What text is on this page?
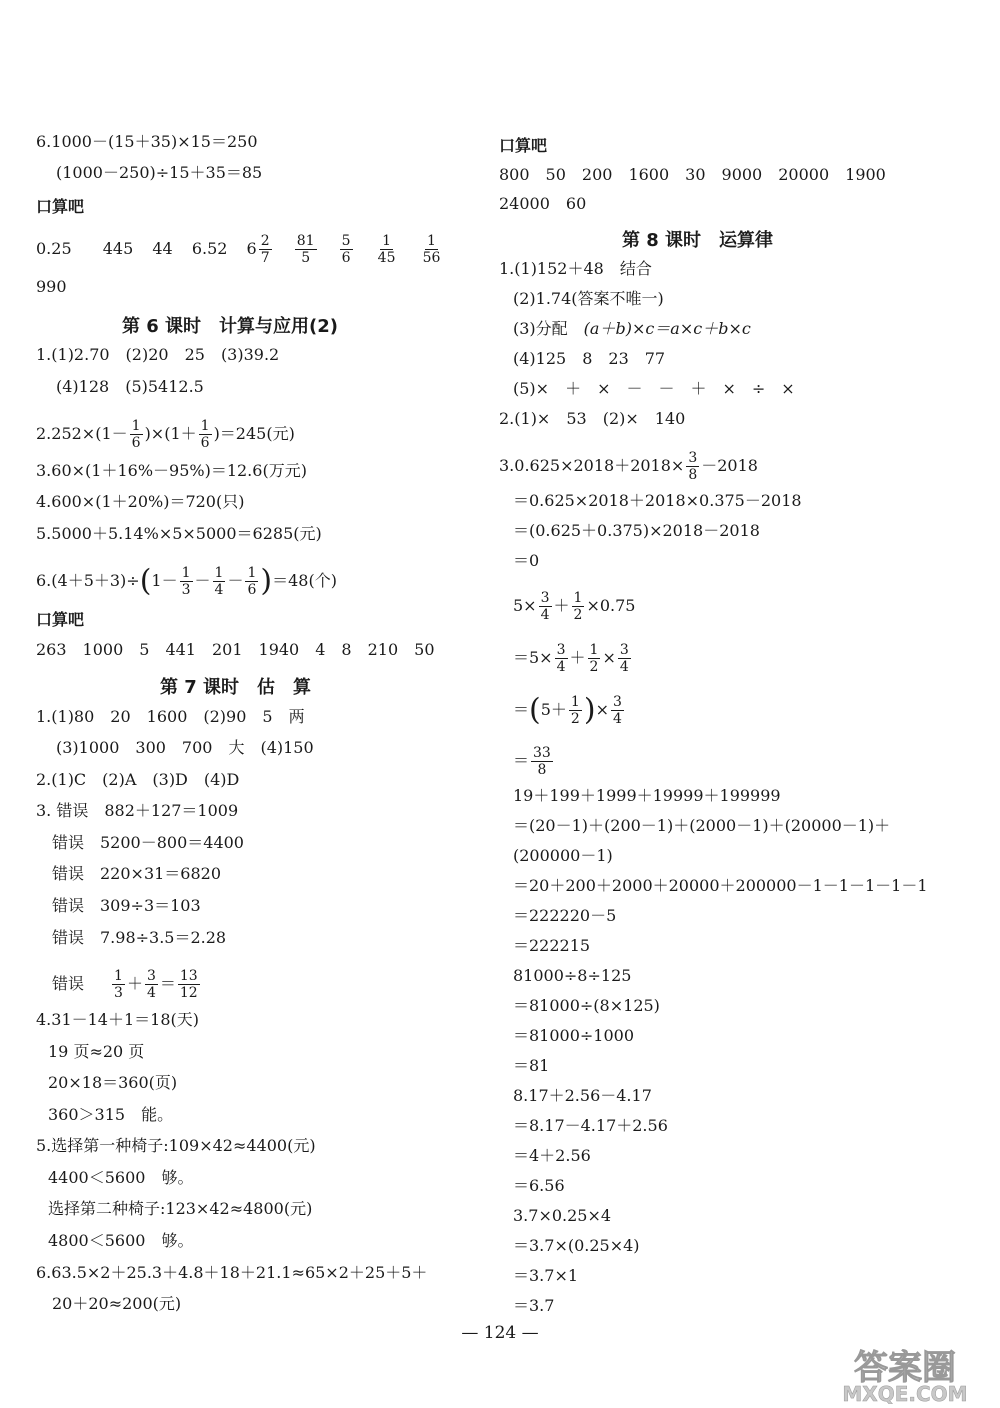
6.1000－(15＋35)×15＝250
(1000－250)÷15＋35＝85
口算吧
0.25 445 44 6.52 $6 \frac{2}{7}$
$\frac{81}{5}$
$\frac{5}{6}$
$\frac{1}{45}$
$\frac{1}{56}$
990
第 6 课时　计算与应用(2)
1.(1)2.70　(2)20　25　(3)39.2
(4)128　(5)5412.5
$2.252\times(1- \frac{1}{6} )\times(1+ \frac{1}{6} )=245$(元)
3.60×(1＋16%－95%)＝12.6(万元)
4.600×(1＋20%)＝720(只)
5.5000＋5.14%×5×5000＝6285(元)
$6.(4+5+3)\div(1- \frac{1}{3} - \frac{1}{4} - \frac{1}{6} )=48$(个)
口算吧
263　1000　5　441　201　1940　4　8　210　50
第 7 课时　估　算
1.(1)80　20　1600　(2)90　5　两
(3)1000　300　700　大　(4)150
2.(1)C　(2)A　(3)D　(4)D
3. 错误　882＋127＝1009
错误　5200－800＝4400
错误　220×31＝6820
错误　309÷3＝103
错误　7.98÷3.5＝2.28
错误 $\frac{1}{3} + \frac{3}{4} = \frac{13}{12}$
4.31－14＋1＝18(天)
19 页≈20 页
20×18＝360(页)
360＞315　能。
5.选择第一种椅子:109×42≈4400(元)
4400＜5600　够。
选择第二种椅子:123×42≈4800(元)
4800＜5600　够。
6.63.5×2＋25.3＋4.8＋18＋21.1≈65×2＋25＋5＋
20＋20≈200(元)
口算吧
800　50　200　1600　30　9000　20000　1900
24000　60
第 8 课时　运算律
1.(1)152＋48　结合
(2)1.74(答案不唯一)
(3)分配　(a＋b)×c＝a×c＋b×c
(4)125　8　23　77
(5)×　＋　×　－　－　＋　×　÷　×
2.(1)×　53　(2)×　140
$3.0.625\times 2018+2018\times \frac{3}{8} -2018$
＝0.625×2018＋2018×0.375－2018
＝(0.625＋0.375)×2018－2018
＝0
$5\times \frac{3}{4} + \frac{1}{2} \times 0.75$
$=5\times \frac{3}{4} + \frac{1}{2} \times \frac{3}{4}$
$=(5+ \frac{1}{2}$ )× $\frac{3}{4}$
＝ $\frac{33}{8}$
19＋199＋1999＋19999＋199999
＝(20－1)＋(200－1)＋(2000－1)＋(20000－1)＋
(200000－1)
＝20＋200＋2000＋20000＋200000－1－1－1－1－1
＝222220－5
＝222215
81000÷8÷125
＝81000÷(8×125)
＝81000÷1000
＝81
8.17＋2.56－4.17
＝8.17－4.17＋2.56
＝4＋2.56
＝6.56
3.7×0.25×4
＝3.7×(0.25×4)
＝3.7×1
＝3.7
— 124 —
答案圈
MXQE.COM
